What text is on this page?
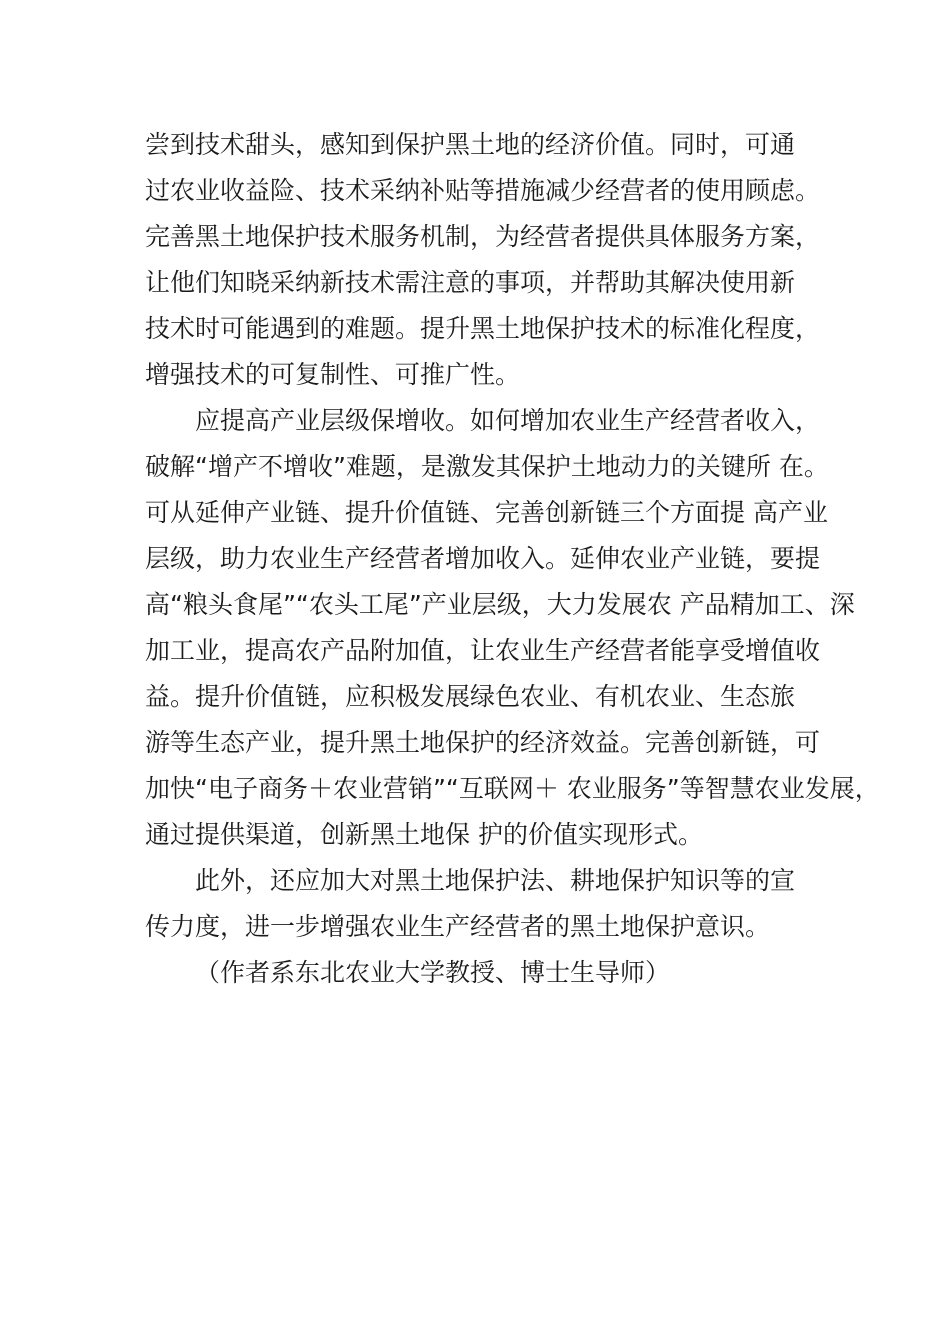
尝到技术甜头，感知到保护黑土地的经济价值。同时，可通
过农业收益险、技术采纳补贴等措施减少经营者的使用顾虑。
完善黑土地保护技术服务机制，为经营者提供具体服务方案，
让他们知晓采纳新技术需注意的事项，并帮助其解决使用新
技术时可能遇到的难题。提升黑土地保护技术的标准化程度，
增强技术的可复制性、可推广性。
应提高产业层级保增收。如何增加农业生产经营者收入，
破解“增产不增收”难题，是激发其保护土地动力的关键所 在。
可从延伸产业链、提升价值链、完善创新链三个方面提 高产业
层级，助力农业生产经营者增加收入。延伸农业产业链，要提
高“粮头食尾”“农头工尾”产业层级，大力发展农 产品精加工、深
加工业，提高农产品附加值，让农业生产经营者能享受增值收
益。提升价值链，应积极发展绿色农业、有机农业、生态旅
游等生态产业，提升黑土地保护的经济效益。完善创新链，可
加快“电子商务＋农业营销”“互联网＋ 农业服务”等智慧农业发展，
通过提供渠道，创新黑土地保 护的价值实现形式。
此外，还应加大对黑土地保护法、耕地保护知识等的宣
传力度，进一步增强农业生产经营者的黑土地保护意识。
（作者系东北农业大学教授、博士生导师）
